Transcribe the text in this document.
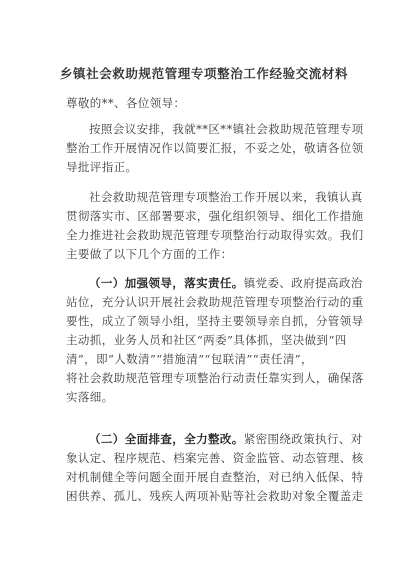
乡镇社会救助规范管理专项整治工作经验交流材料
尊敬的**、各位领导：

按照会议安排，我就**区**镇社会救助规范管理专项
整治工作开展情况作以简要汇报，不妥之处，敬请各位领
导批评指正。

社会救助规范管理专项整治工作开展以来，我镇认真
贯彻落实市、区部署要求，强化组织领导、细化工作措施
全力推进社会救助规范管理专项整治行动取得实效。我们
主要做了以下几个方面的工作：

（一）加强领导，落实责任。镇党委、政府提高政治
站位，充分认识开展社会救助规范管理专项整治行动的重
要性，成立了领导小组，坚持主要领导亲自抓，分管领导
主动抓，业务人员和社区“两委”具体抓，坚决做到“四
清”，即“人数清”“措施清”“包联清”“责任清”，
将社会救助规范管理专项整治行动责任靠实到人，确保落
实落细。

（二）全面排查，全力整改。紧密围绕政策执行、对
象认定、程序规范、档案完善、资金监管、动态管理、核
对机制健全等问题全面开展自查整治，对已纳入低保、特
困供养、孤儿、残疾人两项补贴等社会救助对象全覆盖走
